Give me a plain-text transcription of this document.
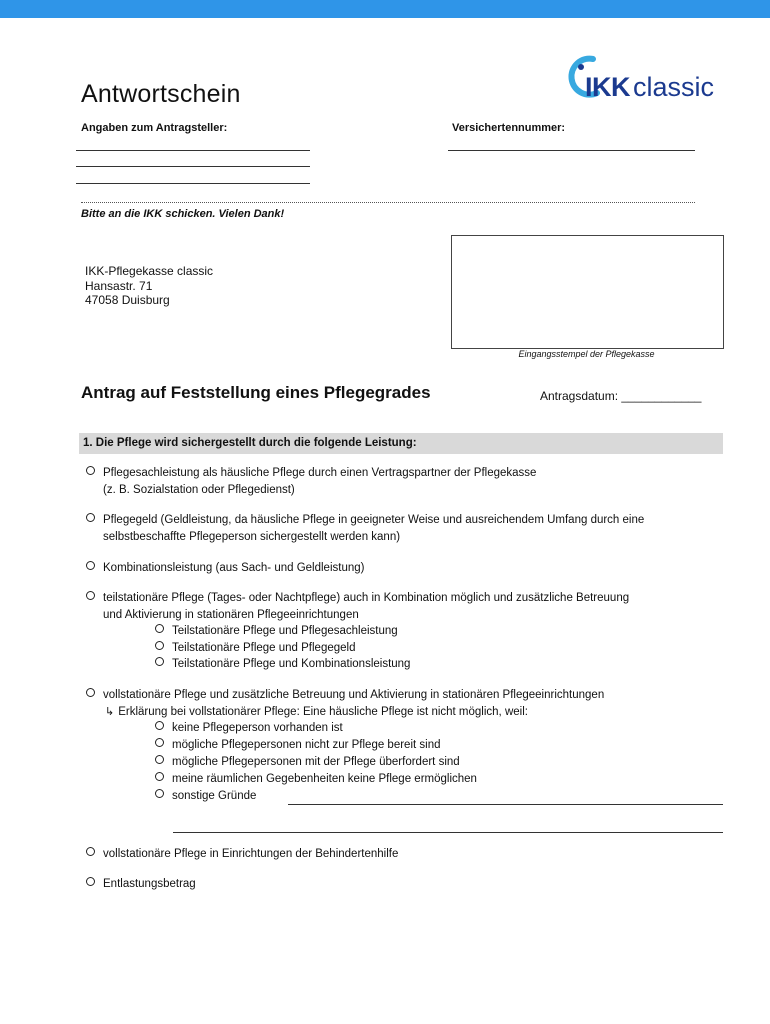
Antwortschein	IKK classic
Angaben zum Antragsteller:	Versichertennummer:
Bitte an die IKK schicken. Vielen Dank!
IKK-Pflegekasse classic
Hansastr. 71
47058 Duisburg
Eingangsstempel der Pflegekasse
Antrag auf Feststellung eines Pflegegrades	Antragsdatum: ____________
1. Die Pflege wird sichergestellt durch die folgende Leistung:
Pflegesachleistung als häusliche Pflege durch einen Vertragspartner der Pflegekasse
(z. B. Sozialstation oder Pflegedienst)
Pflegegeld (Geldleistung, da häusliche Pflege in geeigneter Weise und ausreichendem Umfang durch eine
selbstbeschaffte Pflegeperson sichergestellt werden kann)
Kombinationsleistung (aus Sach- und Geldleistung)
teilstationäre Pflege (Tages- oder Nachtpflege) auch in Kombination möglich und zusätzliche Betreuung
und Aktivierung in stationären Pflegeeinrichtungen
Teilstationäre Pflege und Pflegesachleistung
Teilstationäre Pflege und Pflegegeld
Teilstationäre Pflege und Kombinationsleistung
vollstationäre Pflege und zusätzliche Betreuung und Aktivierung in stationären Pflegeeinrichtungen
↳ Erklärung bei vollstationärer Pflege: Eine häusliche Pflege ist nicht möglich, weil:
keine Pflegeperson vorhanden ist
mögliche Pflegepersonen nicht zur Pflege bereit sind
mögliche Pflegepersonen mit der Pflege überfordert sind
meine räumlichen Gegebenheiten keine Pflege ermöglichen
sonstige Gründe
vollstationäre Pflege in Einrichtungen der Behindertenhilfe
Entlastungsbetrag
